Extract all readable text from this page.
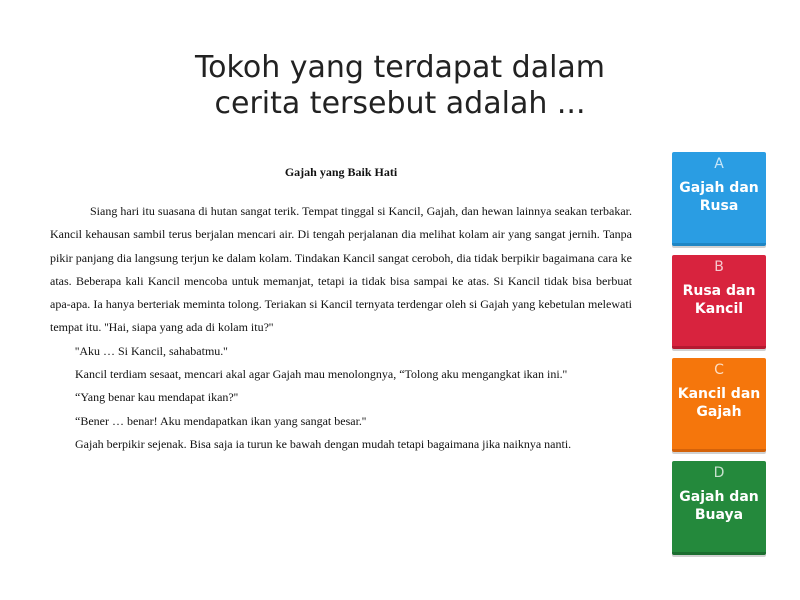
Tokoh yang terdapat dalam
cerita tersebut adalah ...
Gajah yang Baik Hati

Siang hari itu suasana di hutan sangat terik. Tempat tinggal si Kancil, Gajah, dan hewan lainnya seakan terbakar. Kancil kehausan sambil terus berjalan mencari air. Di tengah perjalanan dia melihat kolam air yang sangat jernih. Tanpa pikir panjang dia langsung terjun ke dalam kolam. Tindakan Kancil sangat ceroboh, dia tidak berpikir bagaimana cara ke atas. Beberapa kali Kancil mencoba untuk memanjat, tetapi ia tidak bisa sampai ke atas. Si Kancil tidak bisa berbuat apa-apa. Ia hanya berteriak meminta tolong. Teriakan si Kancil ternyata terdengar oleh si Gajah yang kebetulan melewati tempat itu. ''Hai, siapa yang ada di kolam itu?''

''Aku … Si Kancil, sahabatmu.''

Kancil terdiam sesaat, mencari akal agar Gajah mau menolongnya, “Tolong aku mengangkat ikan ini.''

“Yang benar kau mendapat ikan?''

“Bener … benar! Aku mendapatkan ikan yang sangat besar.''

Gajah berpikir sejenak. Bisa saja ia turun ke bawah dengan mudah tetapi bagaimana jika naiknya nanti.

A
Gajah dan Rusa
B
Rusa dan Kancil
C
Kancil dan Gajah
D
Gajah dan Buaya
